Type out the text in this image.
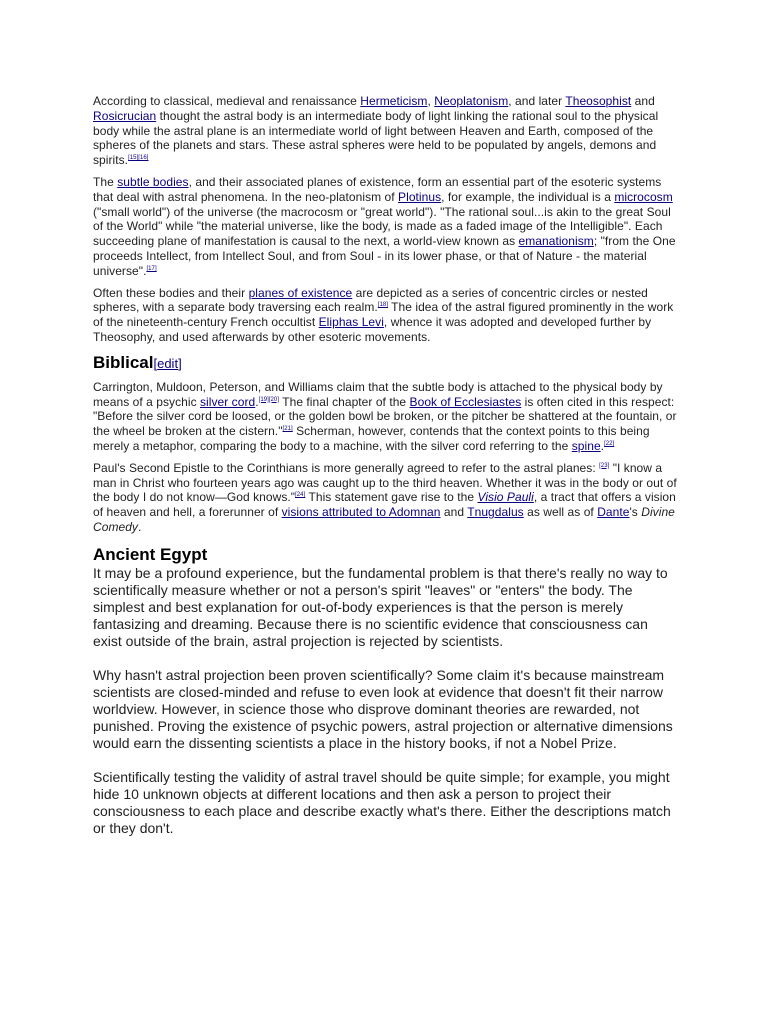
According to classical, medieval and renaissance Hermeticism, Neoplatonism, and later Theosophist and Rosicrucian thought the astral body is an intermediate body of light linking the rational soul to the physical body while the astral plane is an intermediate world of light between Heaven and Earth, composed of the spheres of the planets and stars. These astral spheres were held to be populated by angels, demons and spirits.[15][16]

The subtle bodies, and their associated planes of existence, form an essential part of the esoteric systems that deal with astral phenomena. In the neo-platonism of Plotinus, for example, the individual is a microcosm ("small world") of the universe (the macrocosm or "great world"). "The rational soul...is akin to the great Soul of the World" while "the material universe, like the body, is made as a faded image of the Intelligible". Each succeeding plane of manifestation is causal to the next, a world-view known as emanationism; "from the One proceeds Intellect, from Intellect Soul, and from Soul - in its lower phase, or that of Nature - the material universe".[17]

Often these bodies and their planes of existence are depicted as a series of concentric circles or nested spheres, with a separate body traversing each realm.[18] The idea of the astral figured prominently in the work of the nineteenth-century French occultist Eliphas Levi, whence it was adopted and developed further by Theosophy, and used afterwards by other esoteric movements.

Biblical[edit]

Carrington, Muldoon, Peterson, and Williams claim that the subtle body is attached to the physical body by means of a psychic silver cord.[19][20] The final chapter of the Book of Ecclesiastes is often cited in this respect: "Before the silver cord be loosed, or the golden bowl be broken, or the pitcher be shattered at the fountain, or the wheel be broken at the cistern."[21] Scherman, however, contends that the context points to this being merely a metaphor, comparing the body to a machine, with the silver cord referring to the spine.[22]

Paul's Second Epistle to the Corinthians is more generally agreed to refer to the astral planes: [23] "I know a man in Christ who fourteen years ago was caught up to the third heaven. Whether it was in the body or out of the body I do not know—God knows."[24] This statement gave rise to the Visio Pauli, a tract that offers a vision of heaven and hell, a forerunner of visions attributed to Adomnan and Tnugdalus as well as of Dante's Divine Comedy.

Ancient Egypt

It may be a profound experience, but the fundamental problem is that there's really no way to scientifically measure whether or not a person's spirit "leaves" or "enters" the body. The simplest and best explanation for out-of-body experiences is that the person is merely fantasizing and dreaming. Because there is no scientific evidence that consciousness can exist outside of the brain, astral projection is rejected by scientists.

Why hasn't astral projection been proven scientifically? Some claim it's because mainstream scientists are closed-minded and refuse to even look at evidence that doesn't fit their narrow worldview. However, in science those who disprove dominant theories are rewarded, not punished. Proving the existence of psychic powers, astral projection or alternative dimensions would earn the dissenting scientists a place in the history books, if not a Nobel Prize.

Scientifically testing the validity of astral travel should be quite simple; for example, you might hide 10 unknown objects at different locations and then ask a person to project their consciousness to each place and describe exactly what's there. Either the descriptions match or they don't.
